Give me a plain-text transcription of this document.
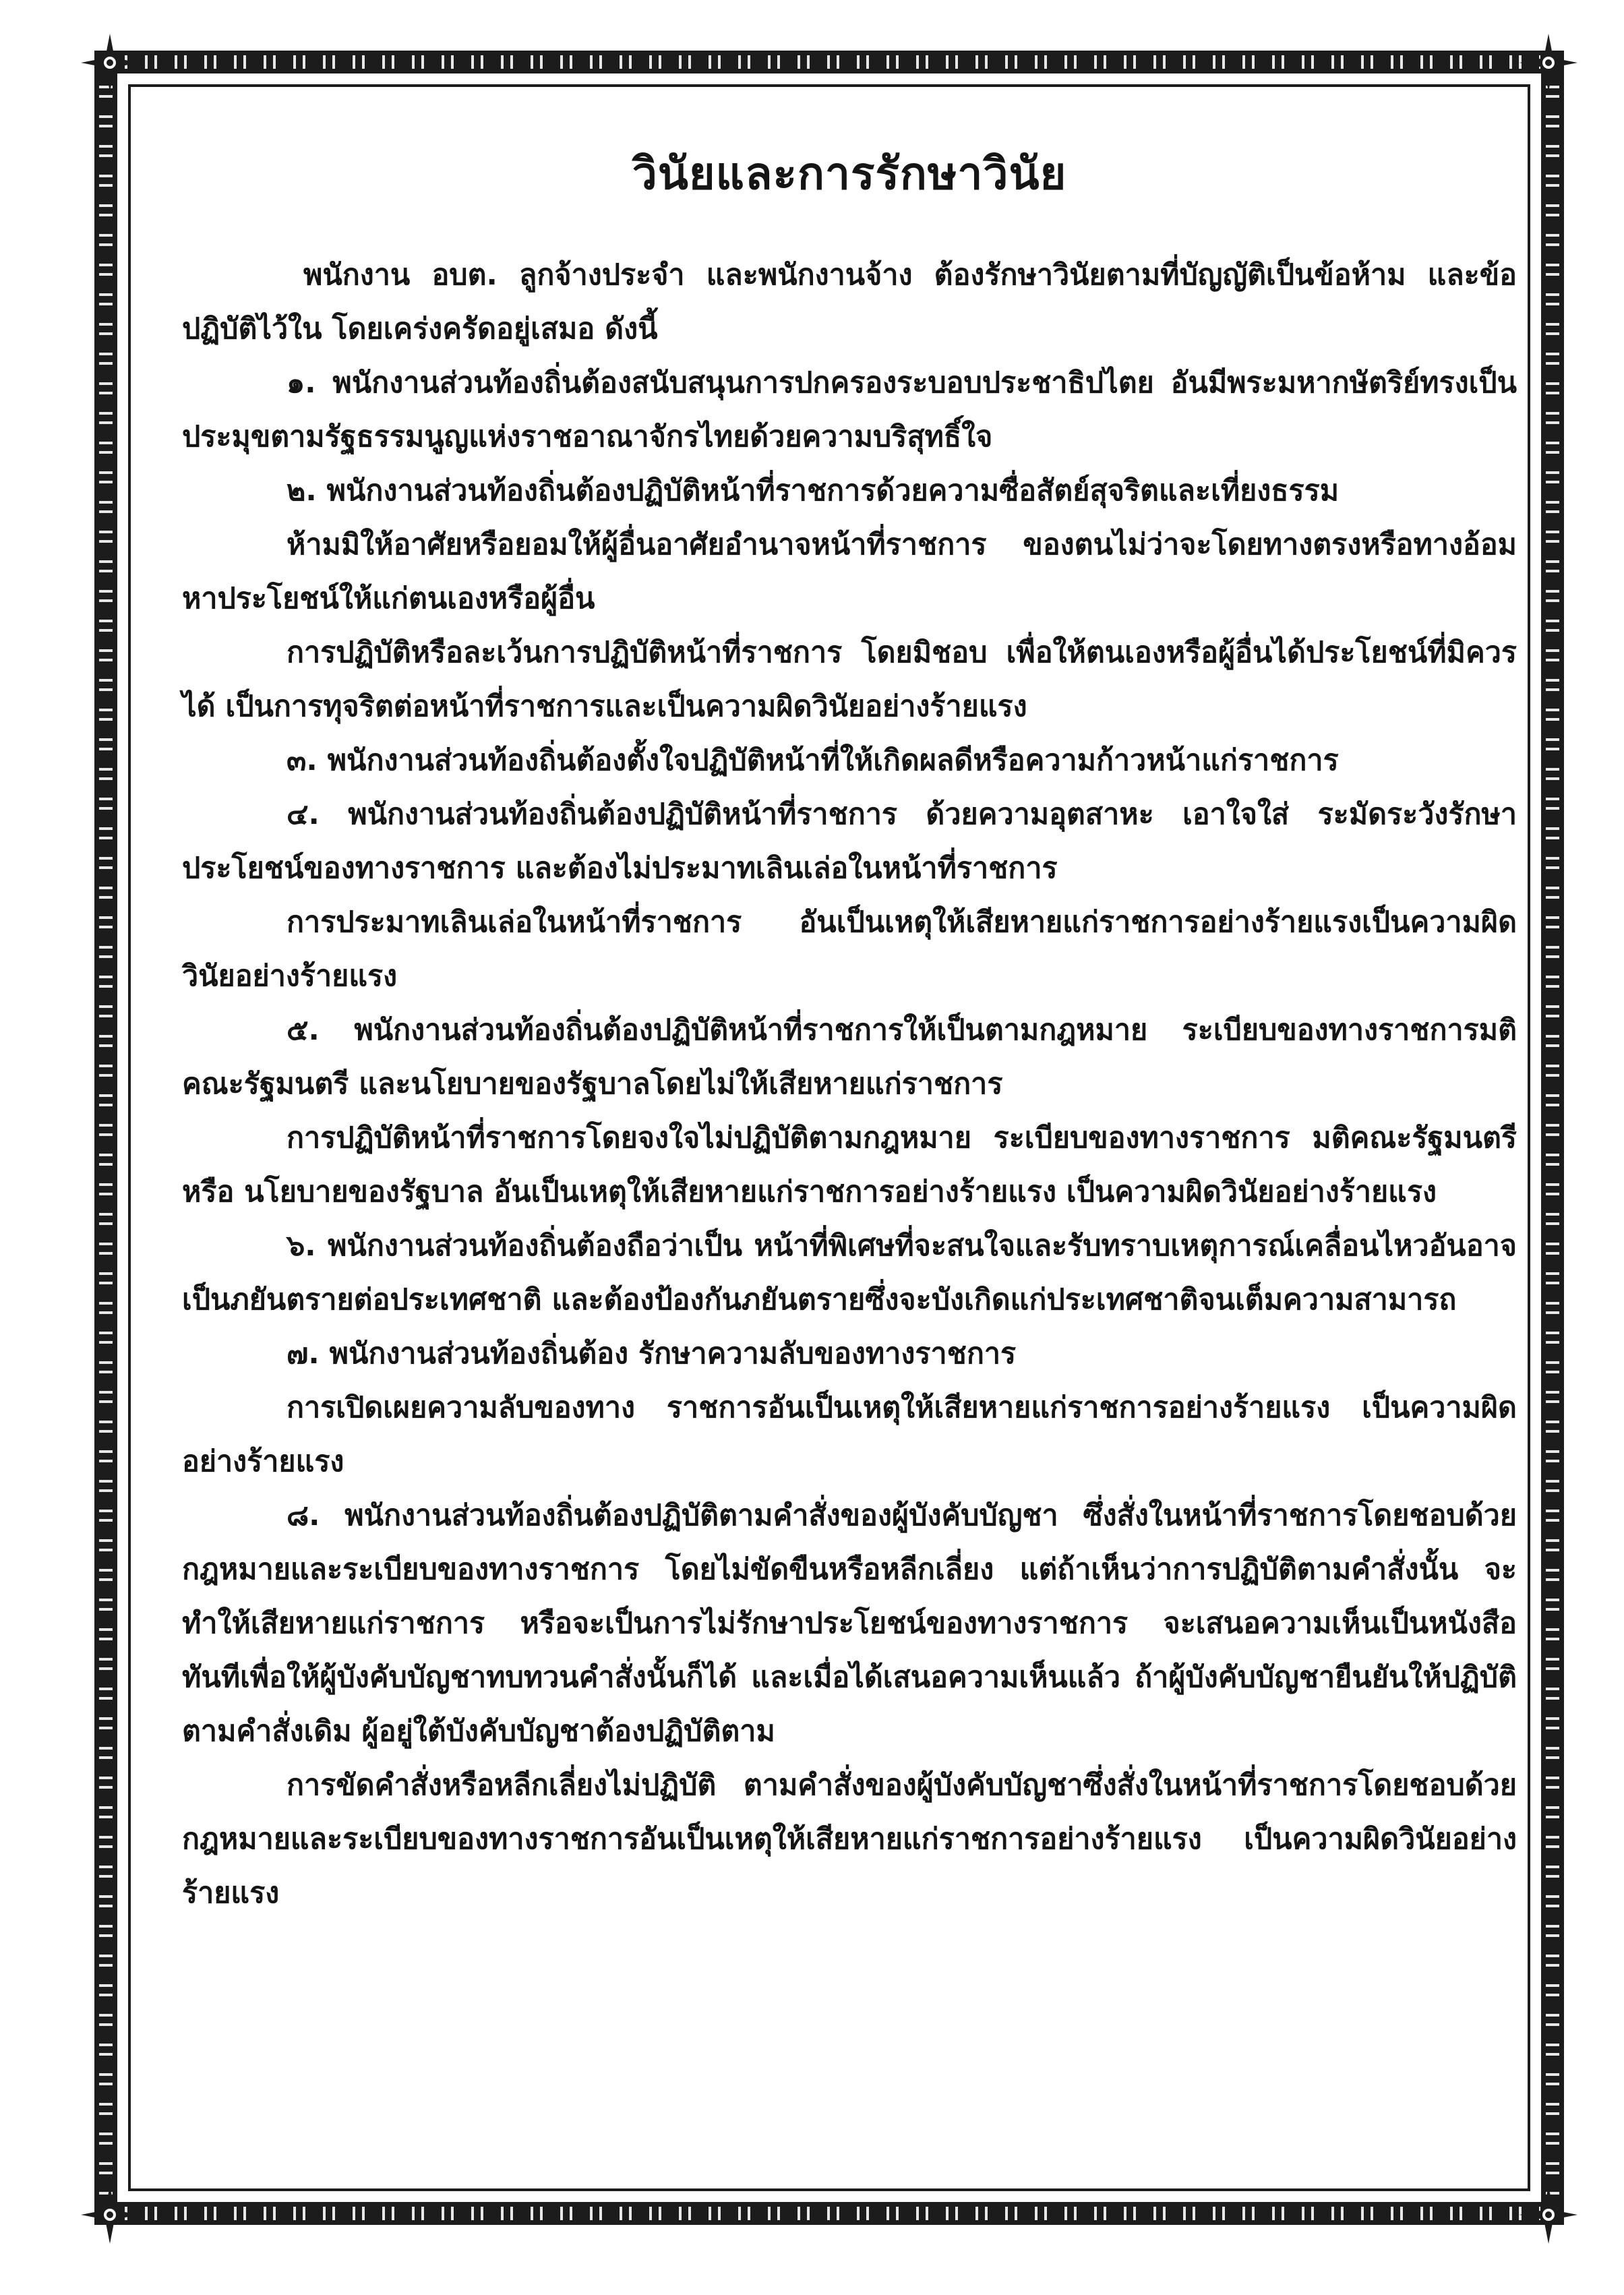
วินัยและการรักษาวินัย

พนักงาน อบต. ลูกจ้างประจำ และพนักงานจ้าง ต้องรักษาวินัยตามที่บัญญัติเป็นข้อห้าม และข้อปฏิบัติไว้ใน โดยเคร่งครัดอยู่เสมอ ดังนี้

๑. พนักงานส่วนท้องถิ่นต้องสนับสนุนการปกครองระบอบประชาธิปไตย อันมีพระมหากษัตริย์ทรงเป็นประมุขตามรัฐธรรมนูญแห่งราชอาณาจักรไทยด้วยความบริสุทธิ์ใจ

๒. พนักงานส่วนท้องถิ่นต้องปฏิบัติหน้าที่ราชการด้วยความซื่อสัตย์สุจริตและเที่ยงธรรม

ห้ามมิให้อาศัยหรือยอมให้ผู้อื่นอาศัยอำนาจหน้าที่ราชการ ของตนไม่ว่าจะโดยทางตรงหรือทางอ้อมหาประโยชน์ให้แก่ตนเองหรือผู้อื่น

การปฏิบัติหรือละเว้นการปฏิบัติหน้าที่ราชการ โดยมิชอบ เพื่อให้ตนเองหรือผู้อื่นได้ประโยชน์ที่มิควรได้ เป็นการทุจริตต่อหน้าที่ราชการและเป็นความผิดวินัยอย่างร้ายแรง

๓. พนักงานส่วนท้องถิ่นต้องตั้งใจปฏิบัติหน้าที่ให้เกิดผลดีหรือความก้าวหน้าแก่ราชการ

๔. พนักงานส่วนท้องถิ่นต้องปฏิบัติหน้าที่ราชการ ด้วยความอุตสาหะ เอาใจใส่ ระมัดระวังรักษาประโยชน์ของทางราชการ และต้องไม่ประมาทเลินเล่อในหน้าที่ราชการ

การประมาทเลินเล่อในหน้าที่ราชการ อันเป็นเหตุให้เสียหายแก่ราชการอย่างร้ายแรงเป็นความผิดวินัยอย่างร้ายแรง

๕. พนักงานส่วนท้องถิ่นต้องปฏิบัติหน้าที่ราชการให้เป็นตามกฎหมาย ระเบียบของทางราชการมติคณะรัฐมนตรี และนโยบายของรัฐบาลโดยไม่ให้เสียหายแก่ราชการ

การปฏิบัติหน้าที่ราชการโดยจงใจไม่ปฏิบัติตามกฎหมาย ระเบียบของทางราชการ มติคณะรัฐมนตรีหรือ นโยบายของรัฐบาล อันเป็นเหตุให้เสียหายแก่ราชการอย่างร้ายแรง เป็นความผิดวินัยอย่างร้ายแรง

๖. พนักงานส่วนท้องถิ่นต้องถือว่าเป็น หน้าที่พิเศษที่จะสนใจและรับทราบเหตุการณ์เคลื่อนไหวอันอาจเป็นภยันตรายต่อประเทศชาติ และต้องป้องกันภยันตรายซึ่งจะบังเกิดแก่ประเทศชาติจนเต็มความสามารถ

๗. พนักงานส่วนท้องถิ่นต้อง รักษาความลับของทางราชการ

การเปิดเผยความลับของทาง ราชการอันเป็นเหตุให้เสียหายแก่ราชการอย่างร้ายแรง เป็นความผิดอย่างร้ายแรง

๘. พนักงานส่วนท้องถิ่นต้องปฏิบัติตามคำสั่งของผู้บังคับบัญชา ซึ่งสั่งในหน้าที่ราชการโดยชอบด้วยกฎหมายและระเบียบของทางราชการ โดยไม่ขัดขืนหรือหลีกเลี่ยง แต่ถ้าเห็นว่าการปฏิบัติตามคำสั่งนั้น จะทำให้เสียหายแก่ราชการ หรือจะเป็นการไม่รักษาประโยชน์ของทางราชการ จะเสนอความเห็นเป็นหนังสือทันทีเพื่อให้ผู้บังคับบัญชาทบทวนคำสั่งนั้นก็ได้ และเมื่อได้เสนอความเห็นแล้ว ถ้าผู้บังคับบัญชายืนยันให้ปฏิบัติตามคำสั่งเดิม ผู้อยู่ใต้บังคับบัญชาต้องปฏิบัติตาม

การขัดคำสั่งหรือหลีกเลี่ยงไม่ปฏิบัติ ตามคำสั่งของผู้บังคับบัญชาซึ่งสั่งในหน้าที่ราชการโดยชอบด้วยกฎหมายและระเบียบของทางราชการอันเป็นเหตุให้เสียหายแก่ราชการอย่างร้ายแรง เป็นความผิดวินัยอย่างร้ายแรง
